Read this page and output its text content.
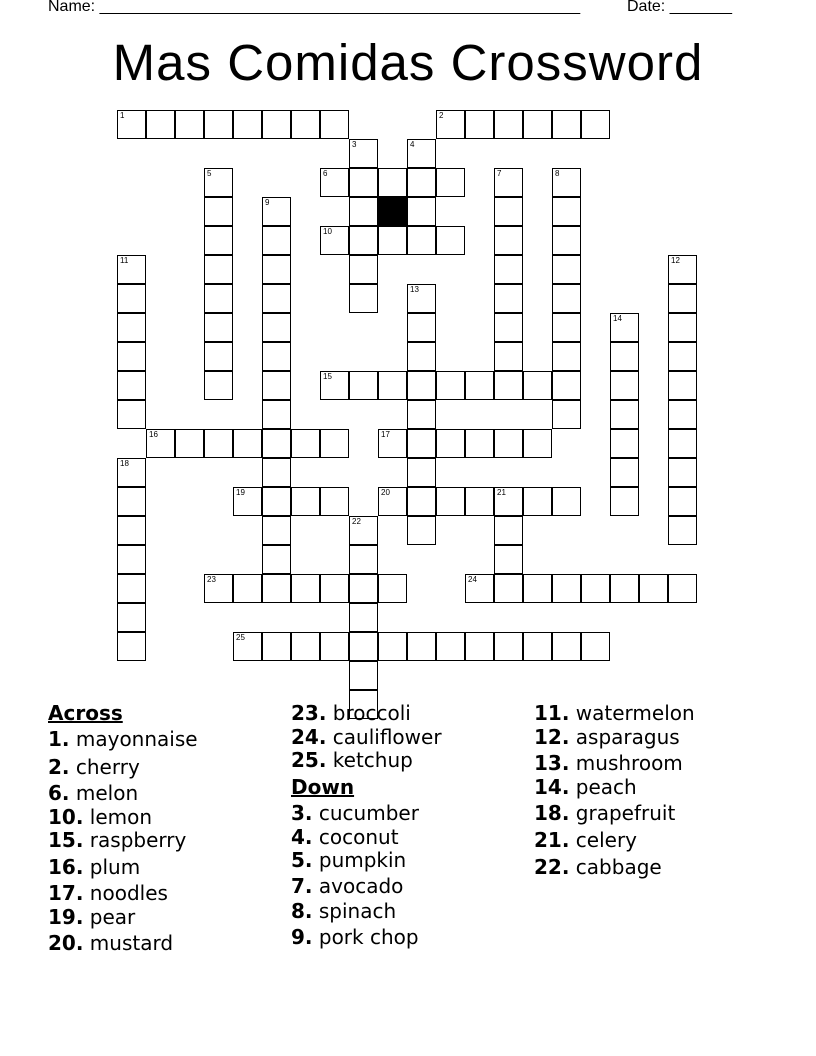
Name: ______________________________________________________	Date: _______
Mas Comidas Crossword
1	2
3	4
5	6	7	8
9
10
11	12
13
14
15
16	17
18
19	20	21
22
23	24
25
Across
1. mayonnaise
2. cherry
6. melon
10. lemon
15. raspberry
16. plum
17. noodles
19. pear
20. mustard
23. broccoli
24. cauliflower
25. ketchup
Down
3. cucumber
4. coconut
5. pumpkin
7. avocado
8. spinach
9. pork chop
11. watermelon
12. asparagus
13. mushroom
14. peach
18. grapefruit
21. celery
22. cabbage
